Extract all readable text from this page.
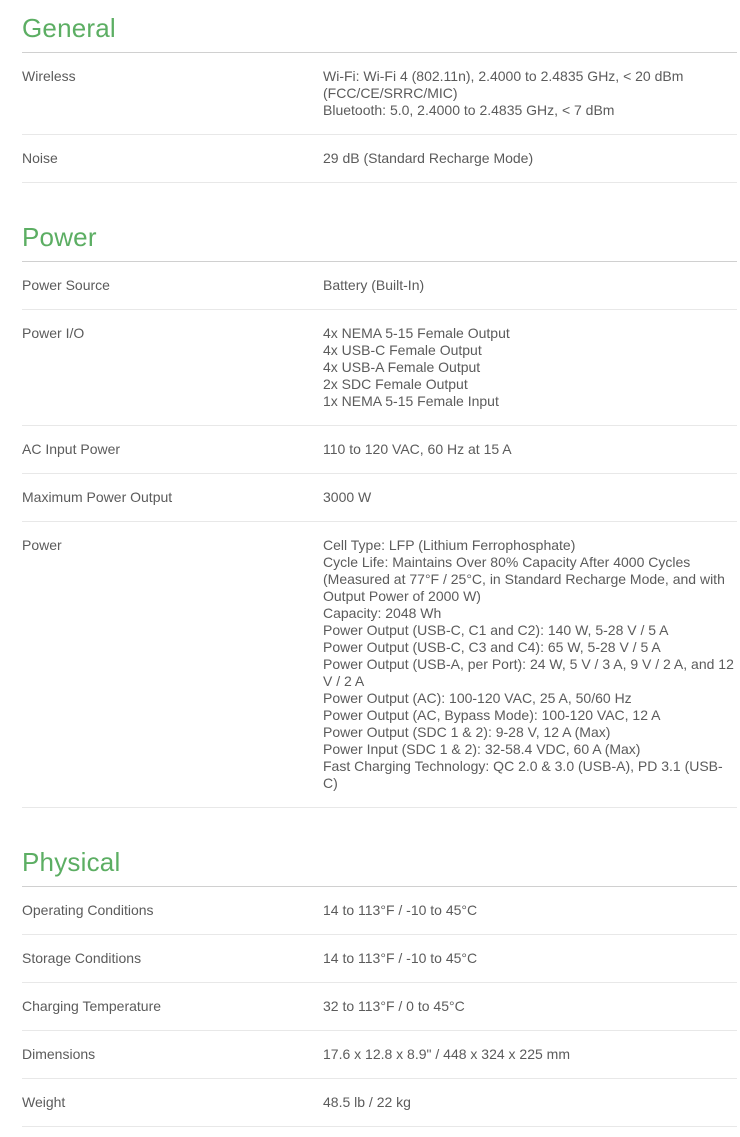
General
Wireless	Wi-Fi: Wi-Fi 4 (802.11n), 2.4000 to 2.4835 GHz, < 20 dBm (FCC/CE/SRRC/MIC)
Bluetooth: 5.0, 2.4000 to 2.4835 GHz, < 7 dBm
Noise	29 dB (Standard Recharge Mode)
Power
Power Source	Battery (Built-In)
Power I/O	4x NEMA 5-15 Female Output
4x USB-C Female Output
4x USB-A Female Output
2x SDC Female Output
1x NEMA 5-15 Female Input
AC Input Power	110 to 120 VAC, 60 Hz at 15 A
Maximum Power Output	3000 W
Power	Cell Type: LFP (Lithium Ferrophosphate)
Cycle Life: Maintains Over 80% Capacity After 4000 Cycles (Measured at 77°F / 25°C, in Standard Recharge Mode, and with Output Power of 2000 W)
Capacity: 2048 Wh
Power Output (USB-C, C1 and C2): 140 W, 5-28 V / 5 A
Power Output (USB-C, C3 and C4): 65 W, 5-28 V / 5 A
Power Output (USB-A, per Port): 24 W, 5 V / 3 A, 9 V / 2 A, and 12 V / 2 A
Power Output (AC): 100-120 VAC, 25 A, 50/60 Hz
Power Output (AC, Bypass Mode): 100-120 VAC, 12 A
Power Output (SDC 1 & 2): 9-28 V, 12 A (Max)
Power Input (SDC 1 & 2): 32-58.4 VDC, 60 A (Max)
Fast Charging Technology: QC 2.0 & 3.0 (USB-A), PD 3.1 (USB-C)
Physical
Operating Conditions	14 to 113°F / -10 to 45°C
Storage Conditions	14 to 113°F / -10 to 45°C
Charging Temperature	32 to 113°F / 0 to 45°C
Dimensions	17.6 x 12.8 x 8.9" / 448 x 324 x 225 mm
Weight	48.5 lb / 22 kg
